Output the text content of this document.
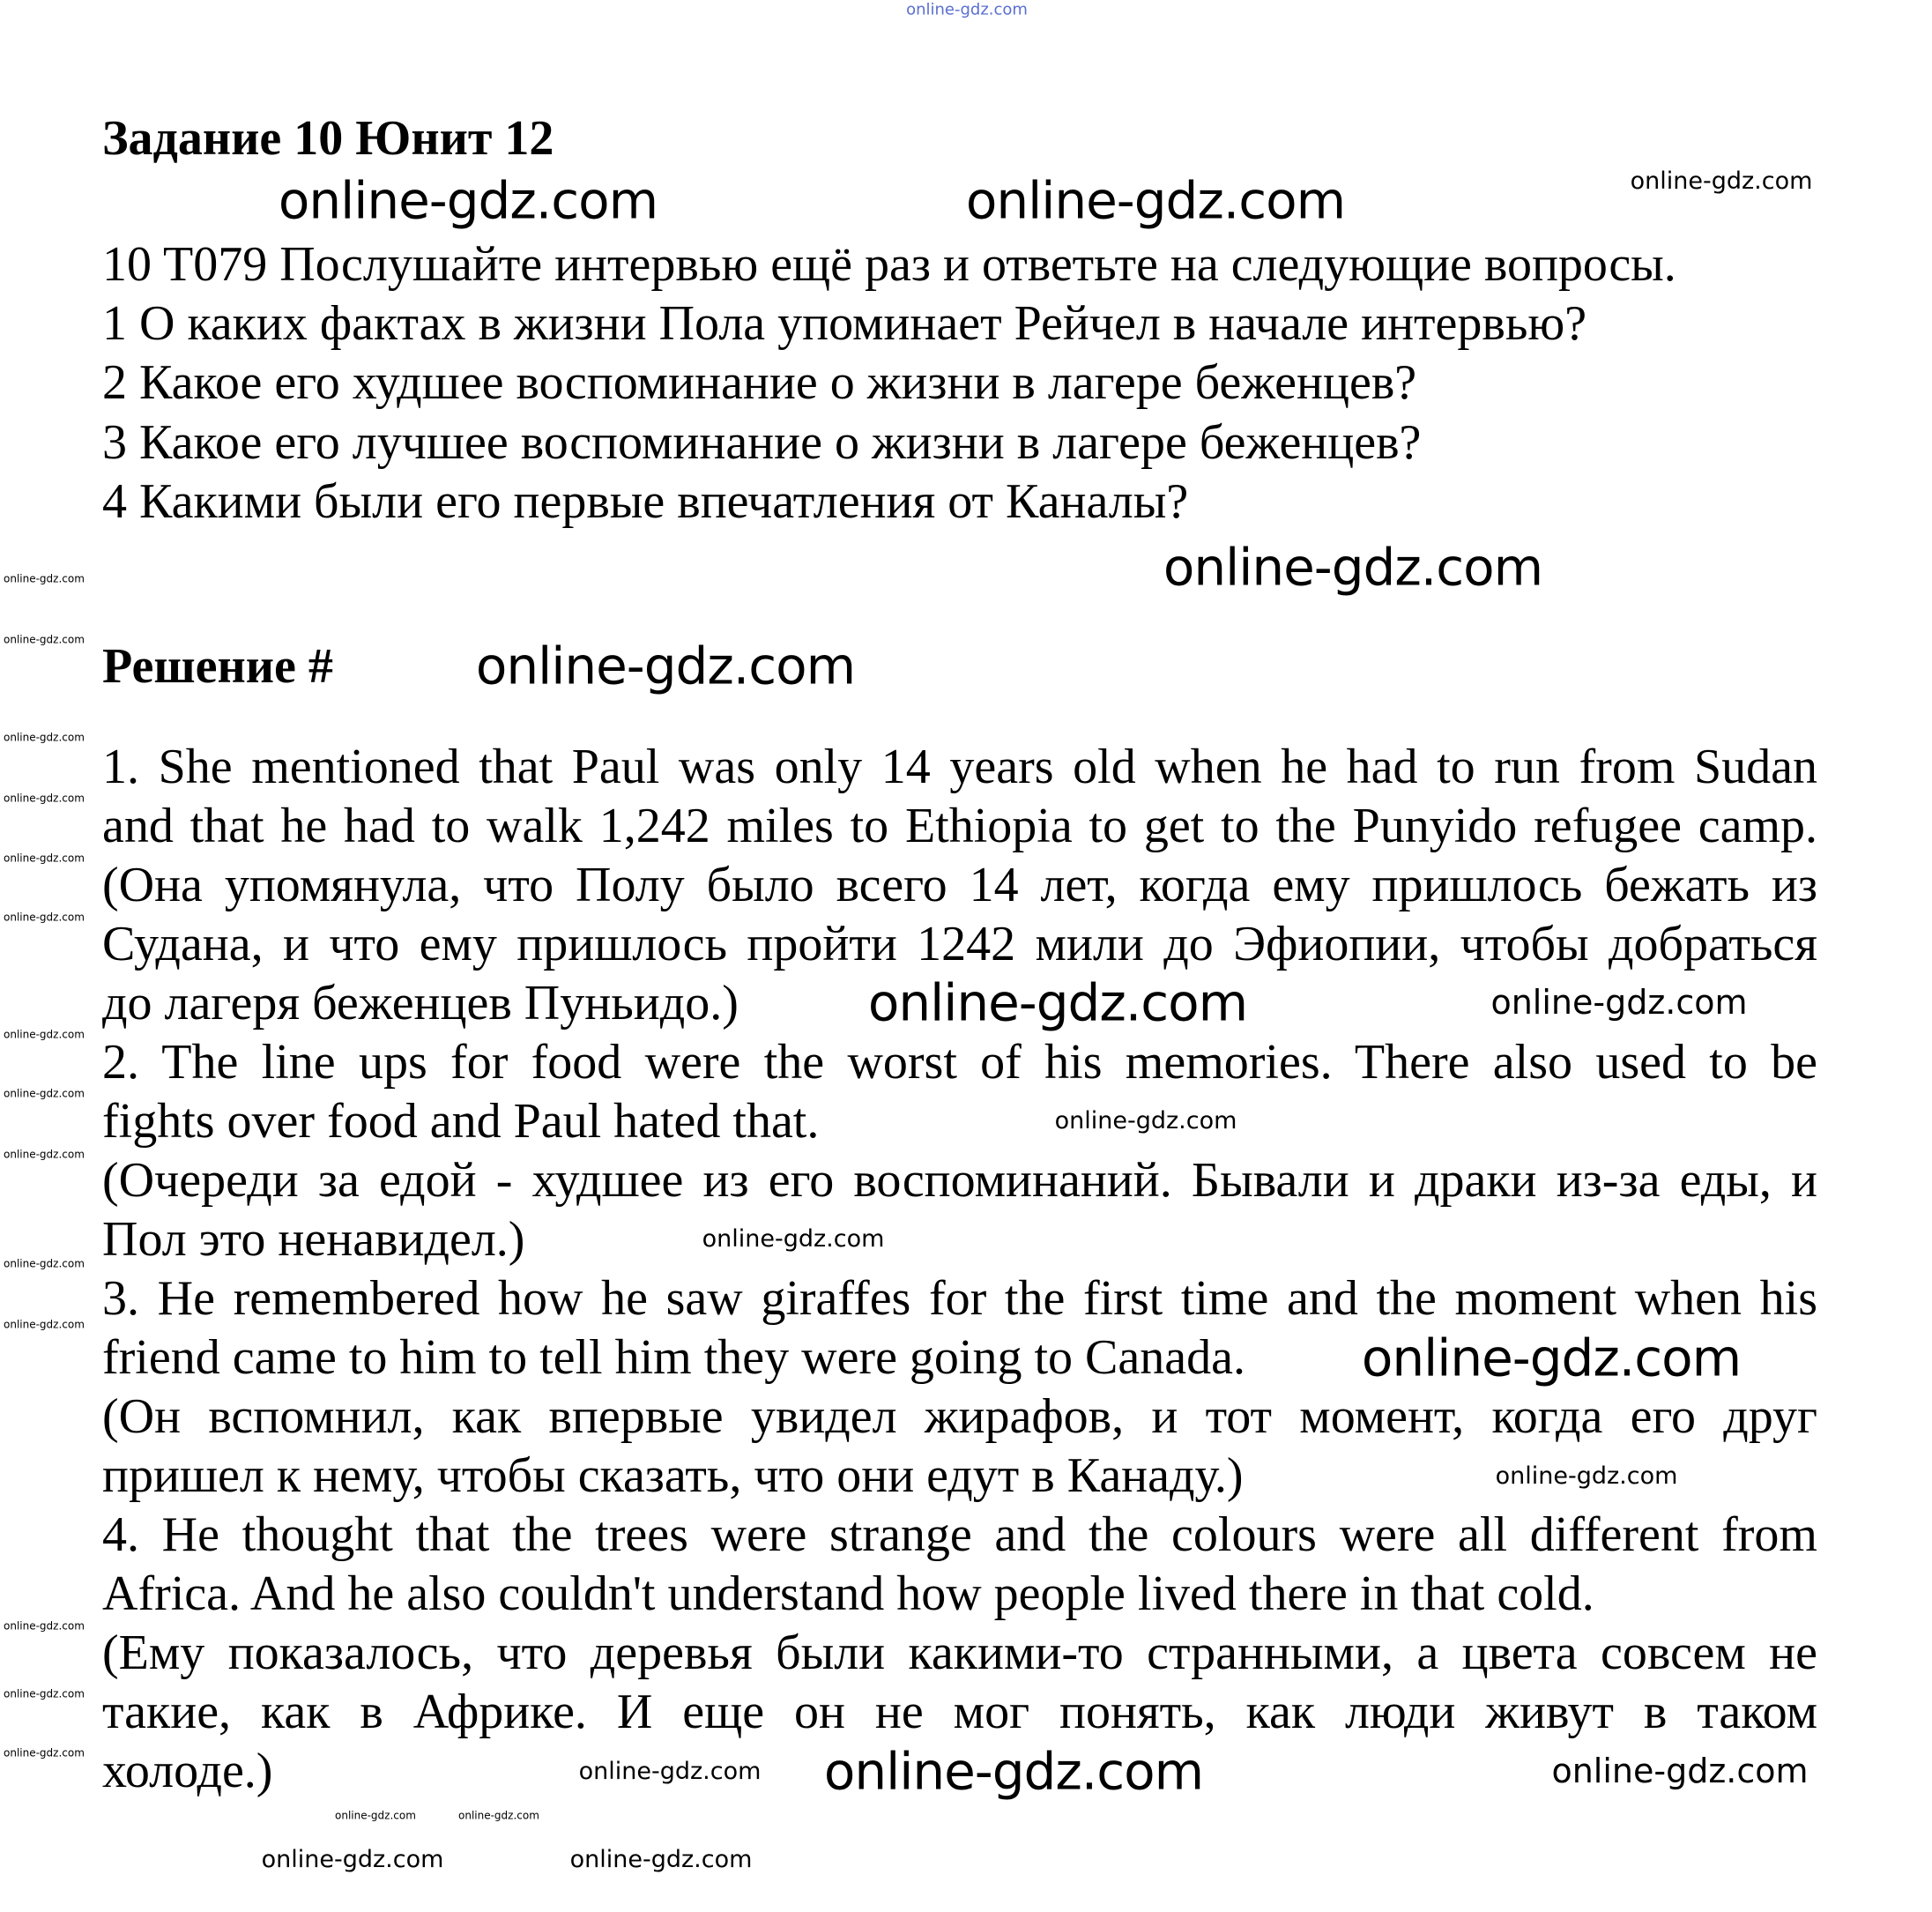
online-gdz.com
Задание 10 Юнит 12
10 T079 Послушайте интервью ещё раз и ответьте на следующие вопросы.
1 О каких фактах в жизни Пола упоминает Рейчел в начале интервью?
2 Какое его худшее воспоминание о жизни в лагере беженцев?
3 Какое его лучшее воспоминание о жизни в лагере беженцев?
4 Какими были его первые впечатления от Каналы?
Решение #
1. She mentioned that Paul was only 14 years old when he had to run from Sudan
and that he had to walk 1,242 miles to Ethiopia to get to the Punyido refugee camp.
(Она упомянула, что Полу было всего 14 лет, когда ему пришлось бежать из
Судана, и что ему пришлось пройти 1242 мили до Эфиопии, чтобы добраться
до лагеря беженцев Пуньидо.)
2. The line ups for food were the worst of his memories. There also used to be
fights over food and Paul hated that.
(Очереди за едой - худшее из его воспоминаний. Бывали и драки из-за еды, и
Пол это ненавидел.)
3. He remembered how he saw giraffes for the first time and the moment when his
friend came to him to tell him they were going to Canada.
(Он вспомнил, как впервые увидел жирафов, и тот момент, когда его друг
пришел к нему, чтобы сказать, что они едут в Канаду.)
4. He thought that the trees were strange and the colours were all different from
Africa. And he also couldn't understand how people lived there in that cold.
(Ему показалось, что деревья были какими-то странными, а цвета совсем не
такие, как в Африке. И еще он не мог понять, как люди живут в таком
холоде.)
online-gdz.com	online-gdz.com
online-gdz.com
online-gdz.com
online-gdz.com
online-gdz.com
online-gdz.com
online-gdz.com
online-gdz.com
online-gdz.com
online-gdz.com
online-gdz.com
online-gdz.com
online-gdz.com
online-gdz.com	online-gdz.com
online-gdz.com
online-gdz.com
online-gdz.com
online-gdz.com
online-gdz.com
online-gdz.com
online-gdz.com
online-gdz.com
online-gdz.com
online-gdz.com
online-gdz.com
online-gdz.com
online-gdz.com
online-gdz.com
online-gdz.com	online-gdz.com
